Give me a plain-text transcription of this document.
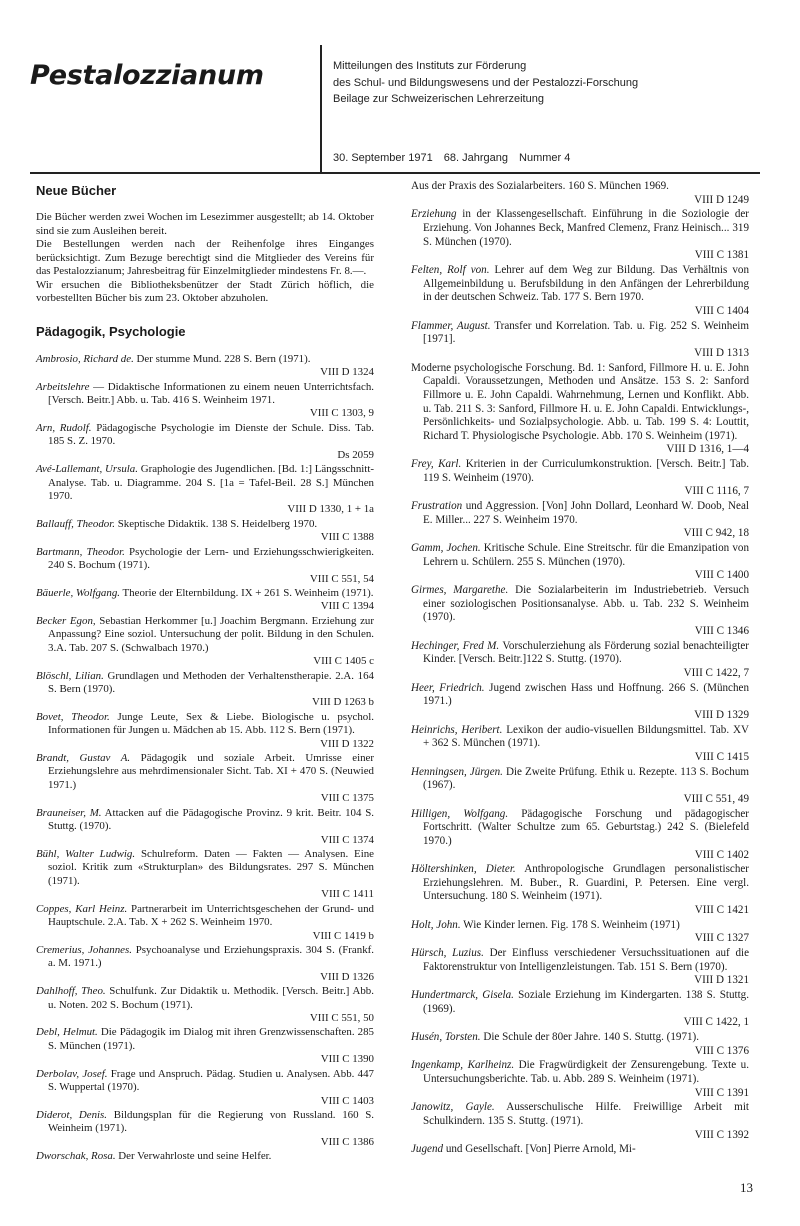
Pestalozzianum	Mitteilungen des Instituts zur Förderung
des Schul- und Bildungswesens und der Pestalozzi-Forschung
Beilage zur Schweizerischen Lehrerzeitung
30. September 1971 68. Jahrgang Nummer 4
Neue Bücher

Die Bücher werden zwei Wochen im Lesezimmer ausgestellt; ab 14. Oktober sind sie zum Ausleihen bereit.

Die Bestellungen werden nach der Reihenfolge ihres Einganges berücksichtigt. Zum Bezuge berechtigt sind die Mitglieder des Vereins für das Pestalozzianum; Jahresbeitrag für Einzelmitglieder mindestens Fr. 8.—.

Wir ersuchen die Bibliotheksbenützer der Stadt Zürich höflich, die vorbestellten Bücher bis zum 23. Oktober abzuholen.

Pädagogik, Psychologie
Ambrosio, Richard de. Der stumme Mund. 228 S. Bern (1971).
VIII D 1324
Arbeitslehre — Didaktische Informationen zu einem neuen Unterrichtsfach. [Versch. Beitr.] Abb. u. Tab. 416 S. Weinheim 1971.
VIII C 1303, 9
Arn, Rudolf. Pädagogische Psychologie im Dienste der Schule. Diss. Tab. 185 S. Z. 1970.
Ds 2059
Avé-Lallemant, Ursula. Graphologie des Jugendlichen. [Bd. 1:] Längsschnitt-Analyse. Tab. u. Diagramme. 204 S. [1a = Tafel-Beil. 28 S.] München 1970.
VIII D 1330, 1 + 1a
Ballauff, Theodor. Skeptische Didaktik. 138 S. Heidelberg 1970.
VIII C 1388
Bartmann, Theodor. Psychologie der Lern- und Erziehungsschwierigkeiten. 240 S. Bochum (1971).
VIII C 551, 54
Bäuerle, Wolfgang. Theorie der Elternbildung. IX + 261 S. Weinheim (1971).
VIII C 1394
Becker Egon, Sebastian Herkommer [u.] Joachim Bergmann. Erziehung zur Anpassung? Eine soziol. Untersuchung der polit. Bildung in den Schulen. 3.A. Tab. 207 S. (Schwalbach 1970.)
VIII C 1405 c
Blöschl, Lilian. Grundlagen und Methoden der Verhaltenstherapie. 2.A. 164 S. Bern (1970).
VIII D 1263 b
Bovet, Theodor. Junge Leute, Sex & Liebe. Biologische u. psychol. Informationen für Jungen u. Mädchen ab 15. Abb. 112 S. Bern (1971).
VIII D 1322
Brandt, Gustav A. Pädagogik und soziale Arbeit. Umrisse einer Erziehungslehre aus mehrdimensionaler Sicht. Tab. XI + 470 S. (Neuwied 1971.)
VIII C 1375
Brauneiser, M. Attacken auf die Pädagogische Provinz. 9 krit. Beitr. 104 S. Stuttg. (1970).
VIII C 1374
Bühl, Walter Ludwig. Schulreform. Daten — Fakten — Analysen. Eine soziol. Kritik zum «Strukturplan» des Bildungsrates. 297 S. München (1971).
VIII C 1411
Coppes, Karl Heinz. Partnerarbeit im Unterrichtsgeschehen der Grund- und Hauptschule. 2.A. Tab. X + 262 S. Weinheim 1970.
VIII C 1419 b
Cremerius, Johannes. Psychoanalyse und Erziehungspraxis. 304 S. (Frankf. a. M. 1971.)
VIII D 1326
Dahlhoff, Theo. Schulfunk. Zur Didaktik u. Methodik. [Versch. Beitr.] Abb. u. Noten. 202 S. Bochum (1971).
VIII C 551, 50
Debl, Helmut. Die Pädagogik im Dialog mit ihren Grenzwissenschaften. 285 S. München (1971).
VIII C 1390
Derbolav, Josef. Frage und Anspruch. Pädag. Studien u. Analysen. Abb. 447 S. Wuppertal (1970).
VIII C 1403
Diderot, Denis. Bildungsplan für die Regierung von Russland. 160 S. Weinheim (1971).
VIII C 1386
Dworschak, Rosa. Der Verwahrloste und seine Helfer.
Aus der Praxis des Sozialarbeiters. 160 S. München 1969.
VIII D 1249
Erziehung in der Klassengesellschaft. Einführung in die Soziologie der Erziehung. Von Johannes Beck, Manfred Clemenz, Franz Heinisch... 319 S. München (1970).
VIII C 1381
Felten, Rolf von. Lehrer auf dem Weg zur Bildung. Das Verhältnis von Allgemeinbildung u. Berufsbildung in den Anfängen der Lehrerbildung in der deutschen Schweiz. Tab. 177 S. Bern 1970.
VIII C 1404
Flammer, August. Transfer und Korrelation. Tab. u. Fig. 252 S. Weinheim [1971].
VIII D 1313
Moderne psychologische Forschung. Bd. 1: Sanford, Fillmore H. u. E. John Capaldi. Voraussetzungen, Methoden und Ansätze. 153 S. 2: Sanford Fillmore u. E. John Capaldi. Wahrnehmung, Lernen und Konflikt. Abb. u. Tab. 211 S. 3: Sanford, Fillmore H. u. E. John Capaldi. Entwicklungs-, Persönlichkeits- und Sozialpsychologie. Abb. u. Tab. 199 S. 4: Louttit, Richard T. Physiologische Psychologie. Abb. 170 S. Weinheim (1971).
VIII D 1316, 1—4
Frey, Karl. Kriterien in der Curriculumkonstruktion. [Versch. Beitr.] Tab. 119 S. Weinheim (1970).
VIII C 1116, 7
Frustration und Aggression. [Von] John Dollard, Leonhard W. Doob, Neal E. Miller... 227 S. Weinheim 1970.
VIII C 942, 18
Gamm, Jochen. Kritische Schule. Eine Streitschr. für die Emanzipation von Lehrern u. Schülern. 255 S. München (1970).
VIII C 1400
Girmes, Margarethe. Die Sozialarbeiterin im Industriebetrieb. Versuch einer soziologischen Positionsanalyse. Abb. u. Tab. 232 S. Weinheim (1970).
VIII C 1346
Hechinger, Fred M. Vorschulerziehung als Förderung sozial benachteiligter Kinder. [Versch. Beitr.]122 S. Stuttg. (1970).
VIII C 1422, 7
Heer, Friedrich. Jugend zwischen Hass und Hoffnung. 266 S. (München 1971.)
VIII D 1329
Heinrichs, Heribert. Lexikon der audio-visuellen Bildungsmittel. Tab. XV + 362 S. München (1971).
VIII C 1415
Henningsen, Jürgen. Die Zweite Prüfung. Ethik u. Rezepte. 113 S. Bochum (1967).
VIII C 551, 49
Hilligen, Wolfgang. Pädagogische Forschung und pädagogischer Fortschritt. (Walter Schultze zum 65. Geburtstag.) 242 S. (Bielefeld 1970.)
VIII C 1402
Höltershinken, Dieter. Anthropologische Grundlagen personalistischer Erziehungslehren. M. Buber., R. Guardini, P. Petersen. Eine vergl. Untersuchung. 180 S. Weinheim (1971).
VIII C 1421
Holt, John. Wie Kinder lernen. Fig. 178 S. Weinheim (1971)
VIII C 1327
Hürsch, Luzius. Der Einfluss verschiedener Versuchssituationen auf die Faktorenstruktur von Intelligenzleistungen. Tab. 151 S. Bern (1970).
VIII D 1321
Hundertmarck, Gisela. Soziale Erziehung im Kindergarten. 138 S. Stuttg. (1969).
VIII C 1422, 1
Husén, Torsten. Die Schule der 80er Jahre. 140 S. Stuttg. (1971).
VIII C 1376
Ingenkamp, Karlheinz. Die Fragwürdigkeit der Zensurengebung. Texte u. Untersuchungsberichte. Tab. u. Abb. 289 S. Weinheim (1971).
VIII C 1391
Janowitz, Gayle. Ausserschulische Hilfe. Freiwillige Arbeit mit Schulkindern. 135 S. Stuttg. (1971).
VIII C 1392
Jugend und Gesellschaft. [Von] Pierre Arnold, Mi-
13
